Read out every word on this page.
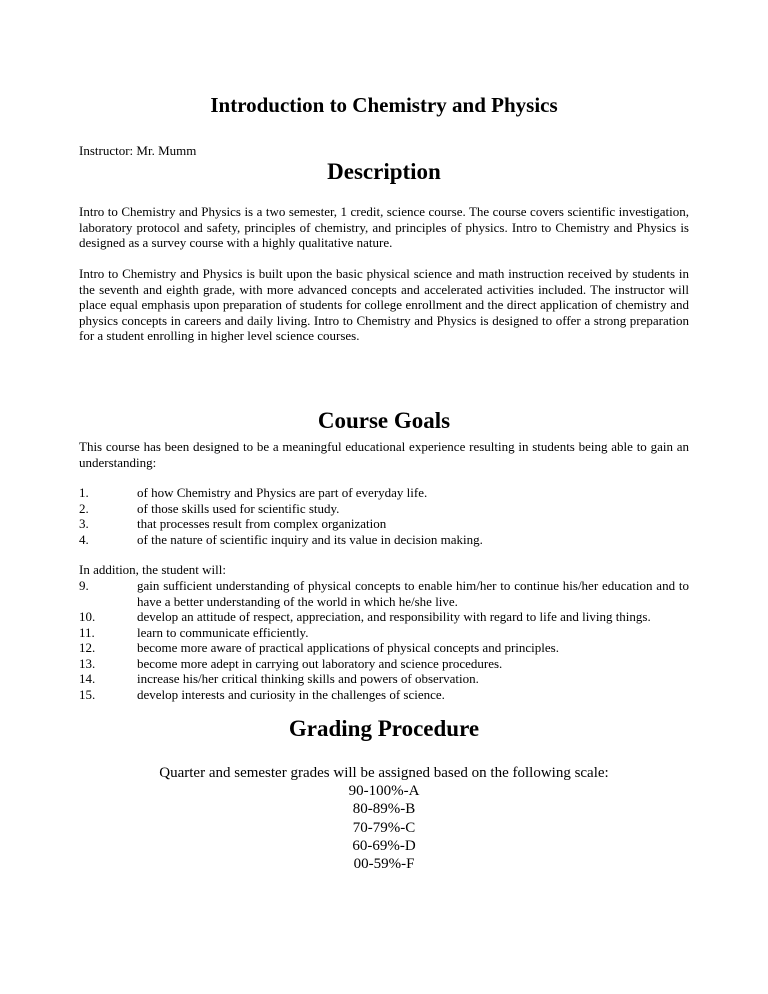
Introduction to Chemistry and Physics
Instructor: Mr. Mumm
Description
Intro to Chemistry and Physics is a two semester, 1 credit, science course. The course covers scientific investigation, laboratory protocol and safety, principles of chemistry, and principles of physics. Intro to Chemistry and Physics is designed as a survey course with a highly qualitative nature.
Intro to Chemistry and Physics is built upon the basic physical science and math instruction received by students in the seventh and eighth grade, with more advanced concepts and accelerated activities included. The instructor will place equal emphasis upon preparation of students for college enrollment and the direct application of chemistry and physics concepts in careers and daily living. Intro to Chemistry and Physics is designed to offer a strong preparation for a student enrolling in higher level science courses.
Course Goals
This course has been designed to be a meaningful educational experience resulting in students being able to gain an understanding:
1.	of how Chemistry and Physics are part of everyday life.
2.	of those skills used for scientific study.
3.	that processes result from complex organization
4.	of the nature of scientific inquiry and its value in decision making.
In addition, the student will:
9.	gain sufficient understanding of physical concepts to enable him/her to continue his/her education and to have a better understanding of the world in which he/she live.
10.	develop an attitude of respect, appreciation, and responsibility with regard to life and living things.
11.	learn to communicate efficiently.
12.	become more aware of practical applications of physical concepts and principles.
13.	become more adept in carrying out laboratory and science procedures.
14.	increase his/her critical thinking skills and powers of observation.
15.	develop interests and curiosity in the challenges of science.
Grading Procedure
Quarter and semester grades will be assigned based on the following scale:
90-100%-A
80-89%-B
70-79%-C
60-69%-D
00-59%-F
